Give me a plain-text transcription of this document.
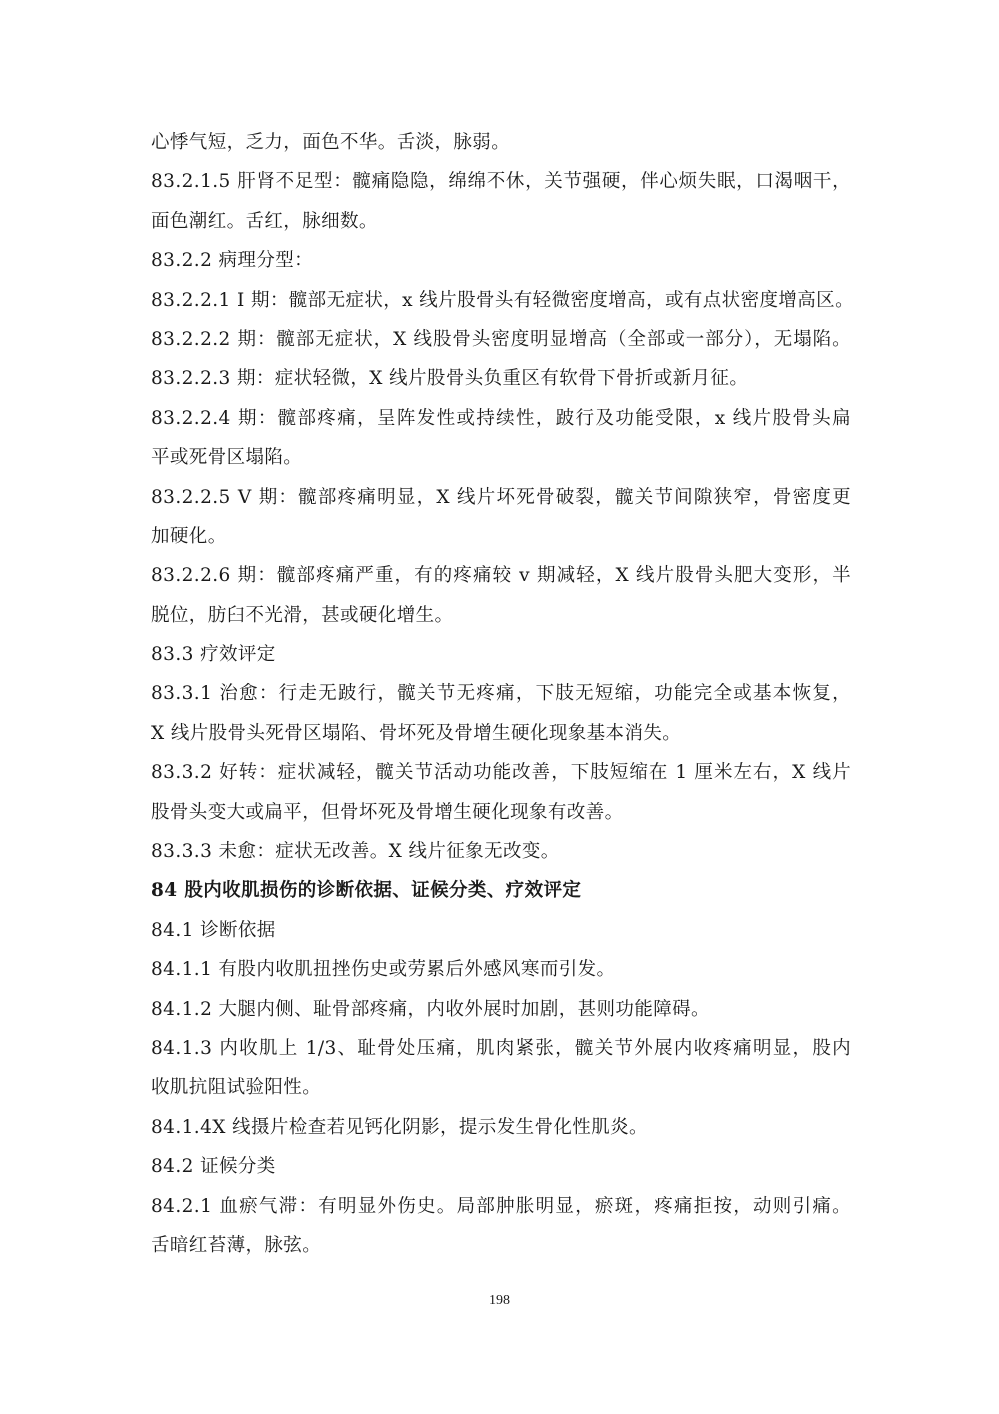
心悸气短，乏力，面色不华。舌淡，脉弱。
83.2.1.5 肝肾不足型：髋痛隐隐，绵绵不休，关节强硬，伴心烦失眠，口渴咽干，
面色潮红。舌红，脉细数。
83.2.2 病理分型：
83.2.2.1 I 期：髋部无症状，x 线片股骨头有轻微密度增高，或有点状密度增高区。
83.2.2.2 期：髋部无症状，X 线股骨头密度明显增高（全部或一部分），无塌陷。
83.2.2.3 期：症状轻微，X 线片股骨头负重区有软骨下骨折或新月征。
83.2.2.4 期：髋部疼痛，呈阵发性或持续性，跛行及功能受限，x 线片股骨头扁
平或死骨区塌陷。
83.2.2.5 V 期：髋部疼痛明显，X 线片坏死骨破裂，髋关节间隙狭窄，骨密度更
加硬化。
83.2.2.6 期：髋部疼痛严重，有的疼痛较 v 期减轻，X 线片股骨头肥大变形，半
脱位，肪臼不光滑，甚或硬化增生。
83.3 疗效评定
83.3.1 治愈：行走无跛行，髋关节无疼痛，下肢无短缩，功能完全或基本恢复，
X 线片股骨头死骨区塌陷、骨坏死及骨增生硬化现象基本消失。
83.3.2 好转：症状减轻，髋关节活动功能改善，下肢短缩在 1 厘米左右，X 线片
股骨头变大或扁平，但骨坏死及骨增生硬化现象有改善。
83.3.3 未愈：症状无改善。X 线片征象无改变。
84 股内收肌损伤的诊断依据、证候分类、疗效评定
84.1 诊断依据
84.1.1 有股内收肌扭挫伤史或劳累后外感风寒而引发。
84.1.2 大腿内侧、耻骨部疼痛，内收外展时加剧，甚则功能障碍。
84.1.3 内收肌上 1/3、耻骨处压痛，肌肉紧张，髋关节外展内收疼痛明显，股内
收肌抗阻试验阳性。
84.1.4X 线摄片检查若见钙化阴影，提示发生骨化性肌炎。
84.2 证候分类
84.2.1 血瘀气滞：有明显外伤史。局部肿胀明显，瘀斑，疼痛拒按，动则引痛。
舌暗红苔薄，脉弦。
198
